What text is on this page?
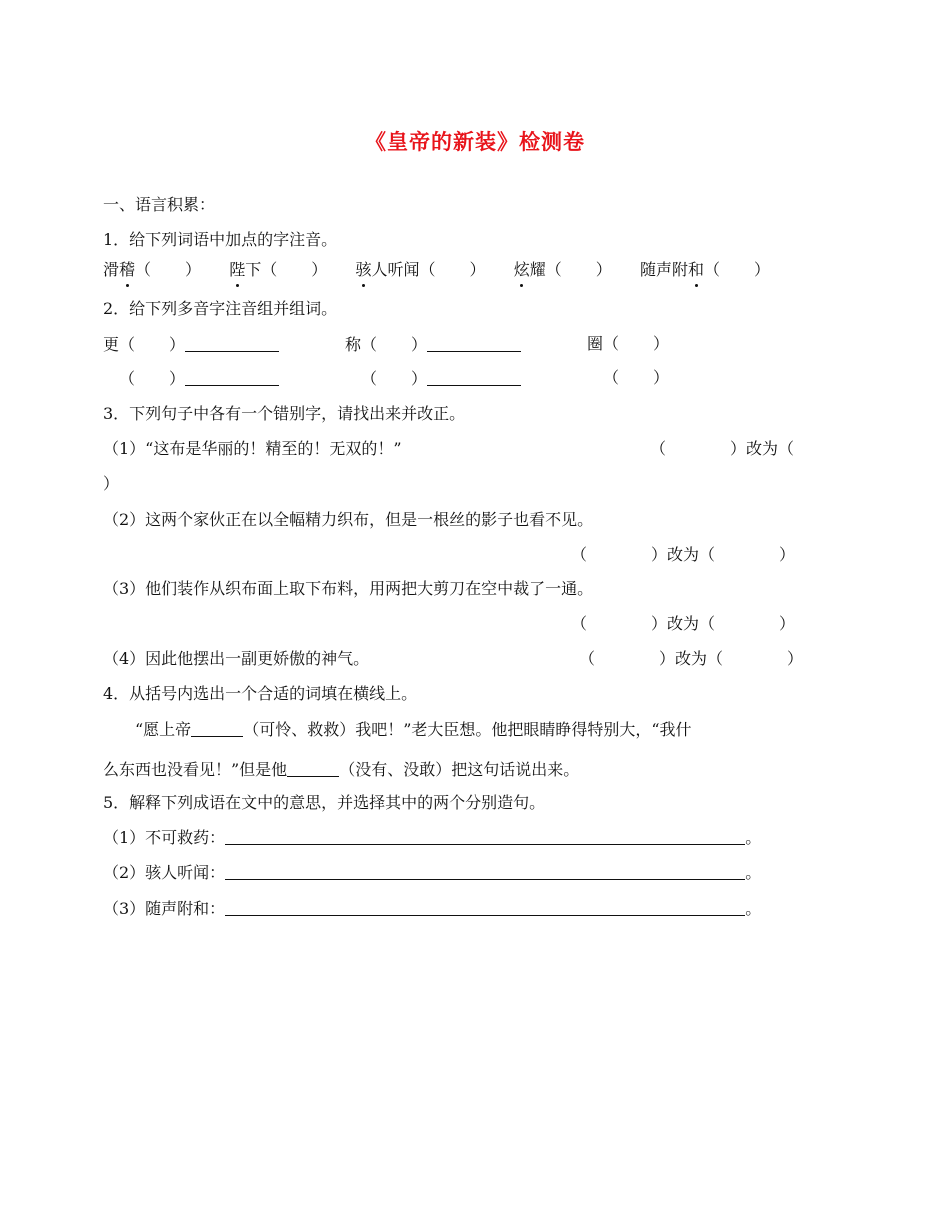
《皇帝的新装》检测卷
一、语言积累：
1．给下列词语中加点的字注音。
滑稽（ ） 陛下（ ） 骇人听闻（ ） 炫耀（ ） 随声附和（ ）
2．给下列多音字注音组并组词。
更（ ）	称（ ）	圈（ ）
（ ）	（ ）	（ ）
3．下列句子中各有一个错别字，请找出来并改正。
（1）“这布是华丽的！精至的！无双的！”	（　　　　）改为（
）
（2）这两个家伙正在以全幅精力织布，但是一根丝的影子也看不见。
（　　　　）改为（　　　　）
（3）他们装作从织布面上取下布料，用两把大剪刀在空中裁了一通。
（　　　　）改为（　　　　）
（4）因此他摆出一副更娇傲的神气。	（　　　　）改为（　　　　）
4．从括号内选出一个合适的词填在横线上。
“愿上帝	（可怜、救救）我吧！”老大臣想。他把眼睛睁得特别大，“我什
么东西也没看见！”但是他	（没有、没敢）把这句话说出来。
5．解释下列成语在文中的意思，并选择其中的两个分别造句。
（1）不可救药：	。
（2）骇人听闻：	。
（3）随声附和：	。
